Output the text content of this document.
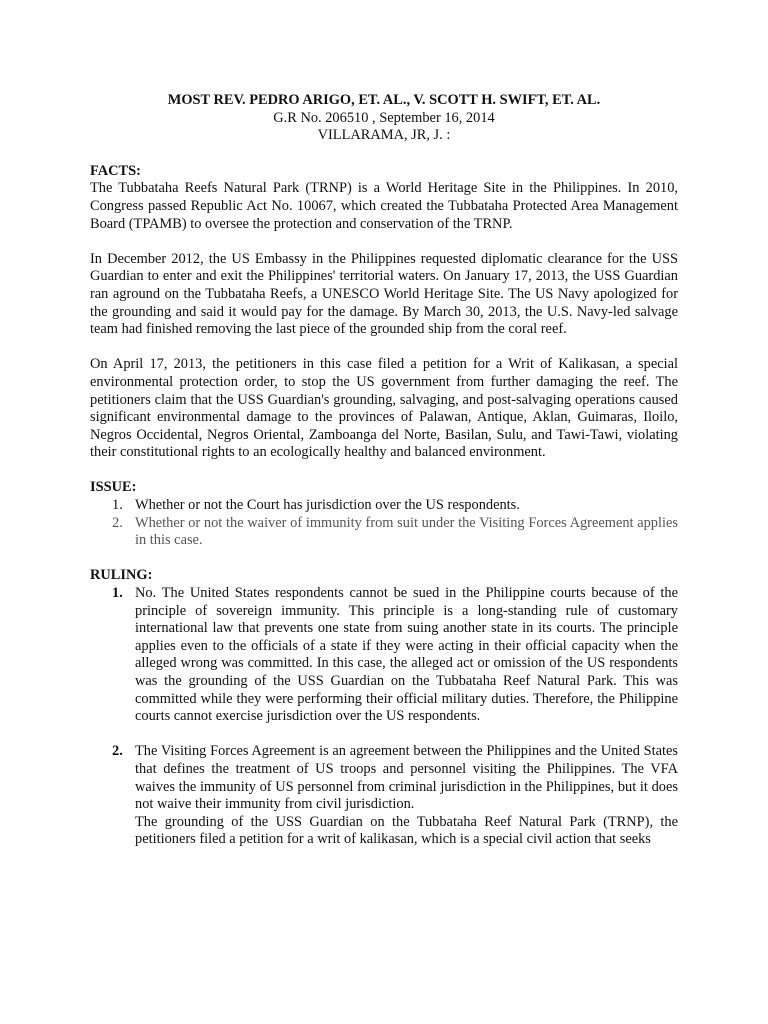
MOST REV. PEDRO ARIGO, ET. AL., V. SCOTT H. SWIFT, ET. AL.
G.R No. 206510 , September 16, 2014
VILLARAMA, JR, J. :
FACTS:

The Tubbataha Reefs Natural Park (TRNP) is a World Heritage Site in the Philippines. In 2010, Congress passed Republic Act No. 10067, which created the Tubbataha Protected Area Management Board (TPAMB) to oversee the protection and conservation of the TRNP.

In December 2012, the US Embassy in the Philippines requested diplomatic clearance for the USS Guardian to enter and exit the Philippines' territorial waters. On January 17, 2013, the USS Guardian ran aground on the Tubbataha Reefs, a UNESCO World Heritage Site. The US Navy apologized for the grounding and said it would pay for the damage. By March 30, 2013, the U.S. Navy-led salvage team had finished removing the last piece of the grounded ship from the coral reef.

On April 17, 2013, the petitioners in this case filed a petition for a Writ of Kalikasan, a special environmental protection order, to stop the US government from further damaging the reef. The petitioners claim that the USS Guardian's grounding, salvaging, and post-salvaging operations caused significant environmental damage to the provinces of Palawan, Antique, Aklan, Guimaras, Iloilo, Negros Occidental, Negros Oriental, Zamboanga del Norte, Basilan, Sulu, and Tawi-Tawi, violating their constitutional rights to an ecologically healthy and balanced environment.

ISSUE:
1. Whether or not the Court has jurisdiction over the US respondents.
2. Whether or not the waiver of immunity from suit under the Visiting Forces Agreement applies in this case.
RULING:
1. No. The United States respondents cannot be sued in the Philippine courts because of the principle of sovereign immunity. This principle is a long-standing rule of customary international law that prevents one state from suing another state in its courts. The principle applies even to the officials of a state if they were acting in their official capacity when the alleged wrong was committed. In this case, the alleged act or omission of the US respondents was the grounding of the USS Guardian on the Tubbataha Reef Natural Park. This was committed while they were performing their official military duties. Therefore, the Philippine courts cannot exercise jurisdiction over the US respondents.
2. The Visiting Forces Agreement is an agreement between the Philippines and the United States that defines the treatment of US troops and personnel visiting the Philippines. The VFA waives the immunity of US personnel from criminal jurisdiction in the Philippines, but it does not waive their immunity from civil jurisdiction.
The grounding of the USS Guardian on the Tubbataha Reef Natural Park (TRNP), the petitioners filed a petition for a writ of kalikasan, which is a special civil action that seeks
